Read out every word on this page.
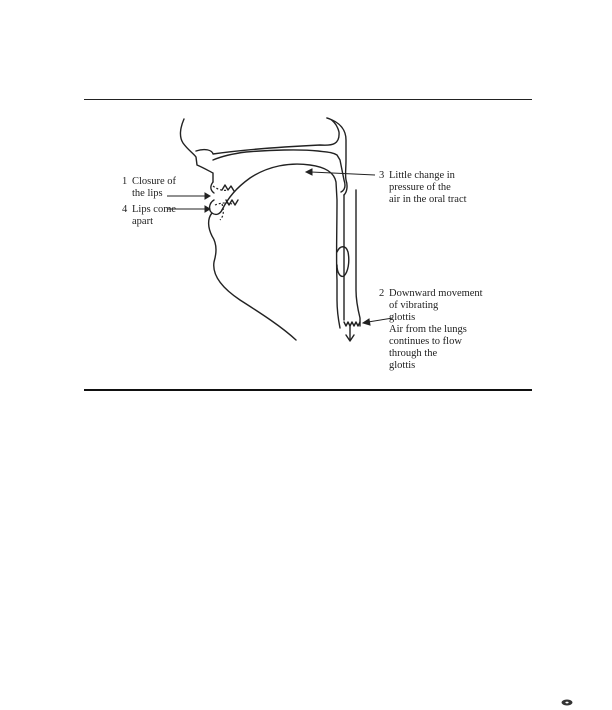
1 Closure of
the lips
4 Lips come
apart
3 Little change in
pressure of the
air in the oral tract
2 Downward movement
of vibrating
glottis
Air from the lungs
continues to flow
through the
glottis
